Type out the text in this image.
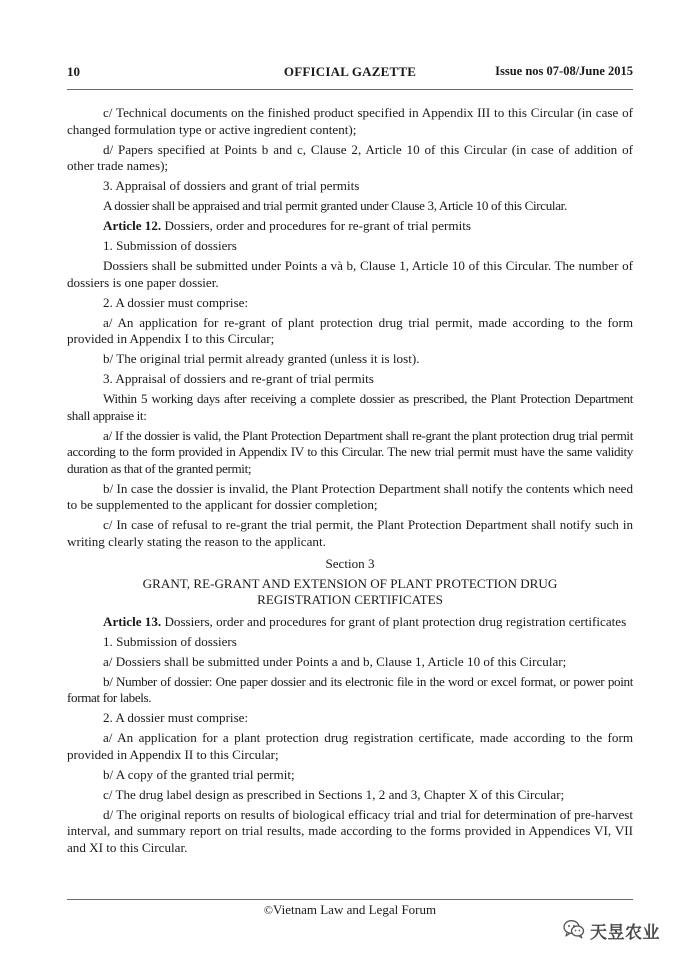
10	OFFICIAL GAZETTE	Issue nos 07-08/June 2015

c/ Technical documents on the finished product specified in Appendix III to this Circular (in case of changed formulation type or active ingredient content);

d/ Papers specified at Points b and c, Clause 2, Article 10 of this Circular (in case of addition of other trade names);

3. Appraisal of dossiers and grant of trial permits

A dossier shall be appraised and trial permit granted under Clause 3, Article 10 of this Circular.

Article 12. Dossiers, order and procedures for re-grant of trial permits

1. Submission of dossiers

Dossiers shall be submitted under Points a và b, Clause 1, Article 10 of this Circular. The number of dossiers is one paper dossier.

2. A dossier must comprise:

a/ An application for re-grant of plant protection drug trial permit, made according to the form provided in Appendix I to this Circular;

b/ The original trial permit already granted (unless it is lost).

3. Appraisal of dossiers and re-grant of trial permits

Within 5 working days after receiving a complete dossier as prescribed, the Plant Protection Department shall appraise it:

a/ If the dossier is valid, the Plant Protection Department shall re-grant the plant protection drug trial permit according to the form provided in Appendix IV to this Circular. The new trial permit must have the same validity duration as that of the granted permit;

b/ In case the dossier is invalid, the Plant Protection Department shall notify the contents which need to be supplemented to the applicant for dossier completion;

c/ In case of refusal to re-grant the trial permit, the Plant Protection Department shall notify such in writing clearly stating the reason to the applicant.

Section 3

GRANT, RE-GRANT AND EXTENSION OF PLANT PROTECTION DRUG REGISTRATION CERTIFICATES

Article 13. Dossiers, order and procedures for grant of plant protection drug registration certificates

1. Submission of dossiers

a/ Dossiers shall be submitted under Points a and b, Clause 1, Article 10 of this Circular;

b/ Number of dossier: One paper dossier and its electronic file in the word or excel format, or power point format for labels.

2. A dossier must comprise:

a/ An application for a plant protection drug registration certificate, made according to the form provided in Appendix II to this Circular;

b/ A copy of the granted trial permit;

c/ The drug label design as prescribed in Sections 1, 2 and 3, Chapter X of this Circular;

d/ The original reports on results of biological efficacy trial and trial for determination of pre-harvest interval, and summary report on trial results, made according to the forms provided in Appendices VI, VII and XI to this Circular.

©Vietnam Law and Legal Forum
天昱农业
